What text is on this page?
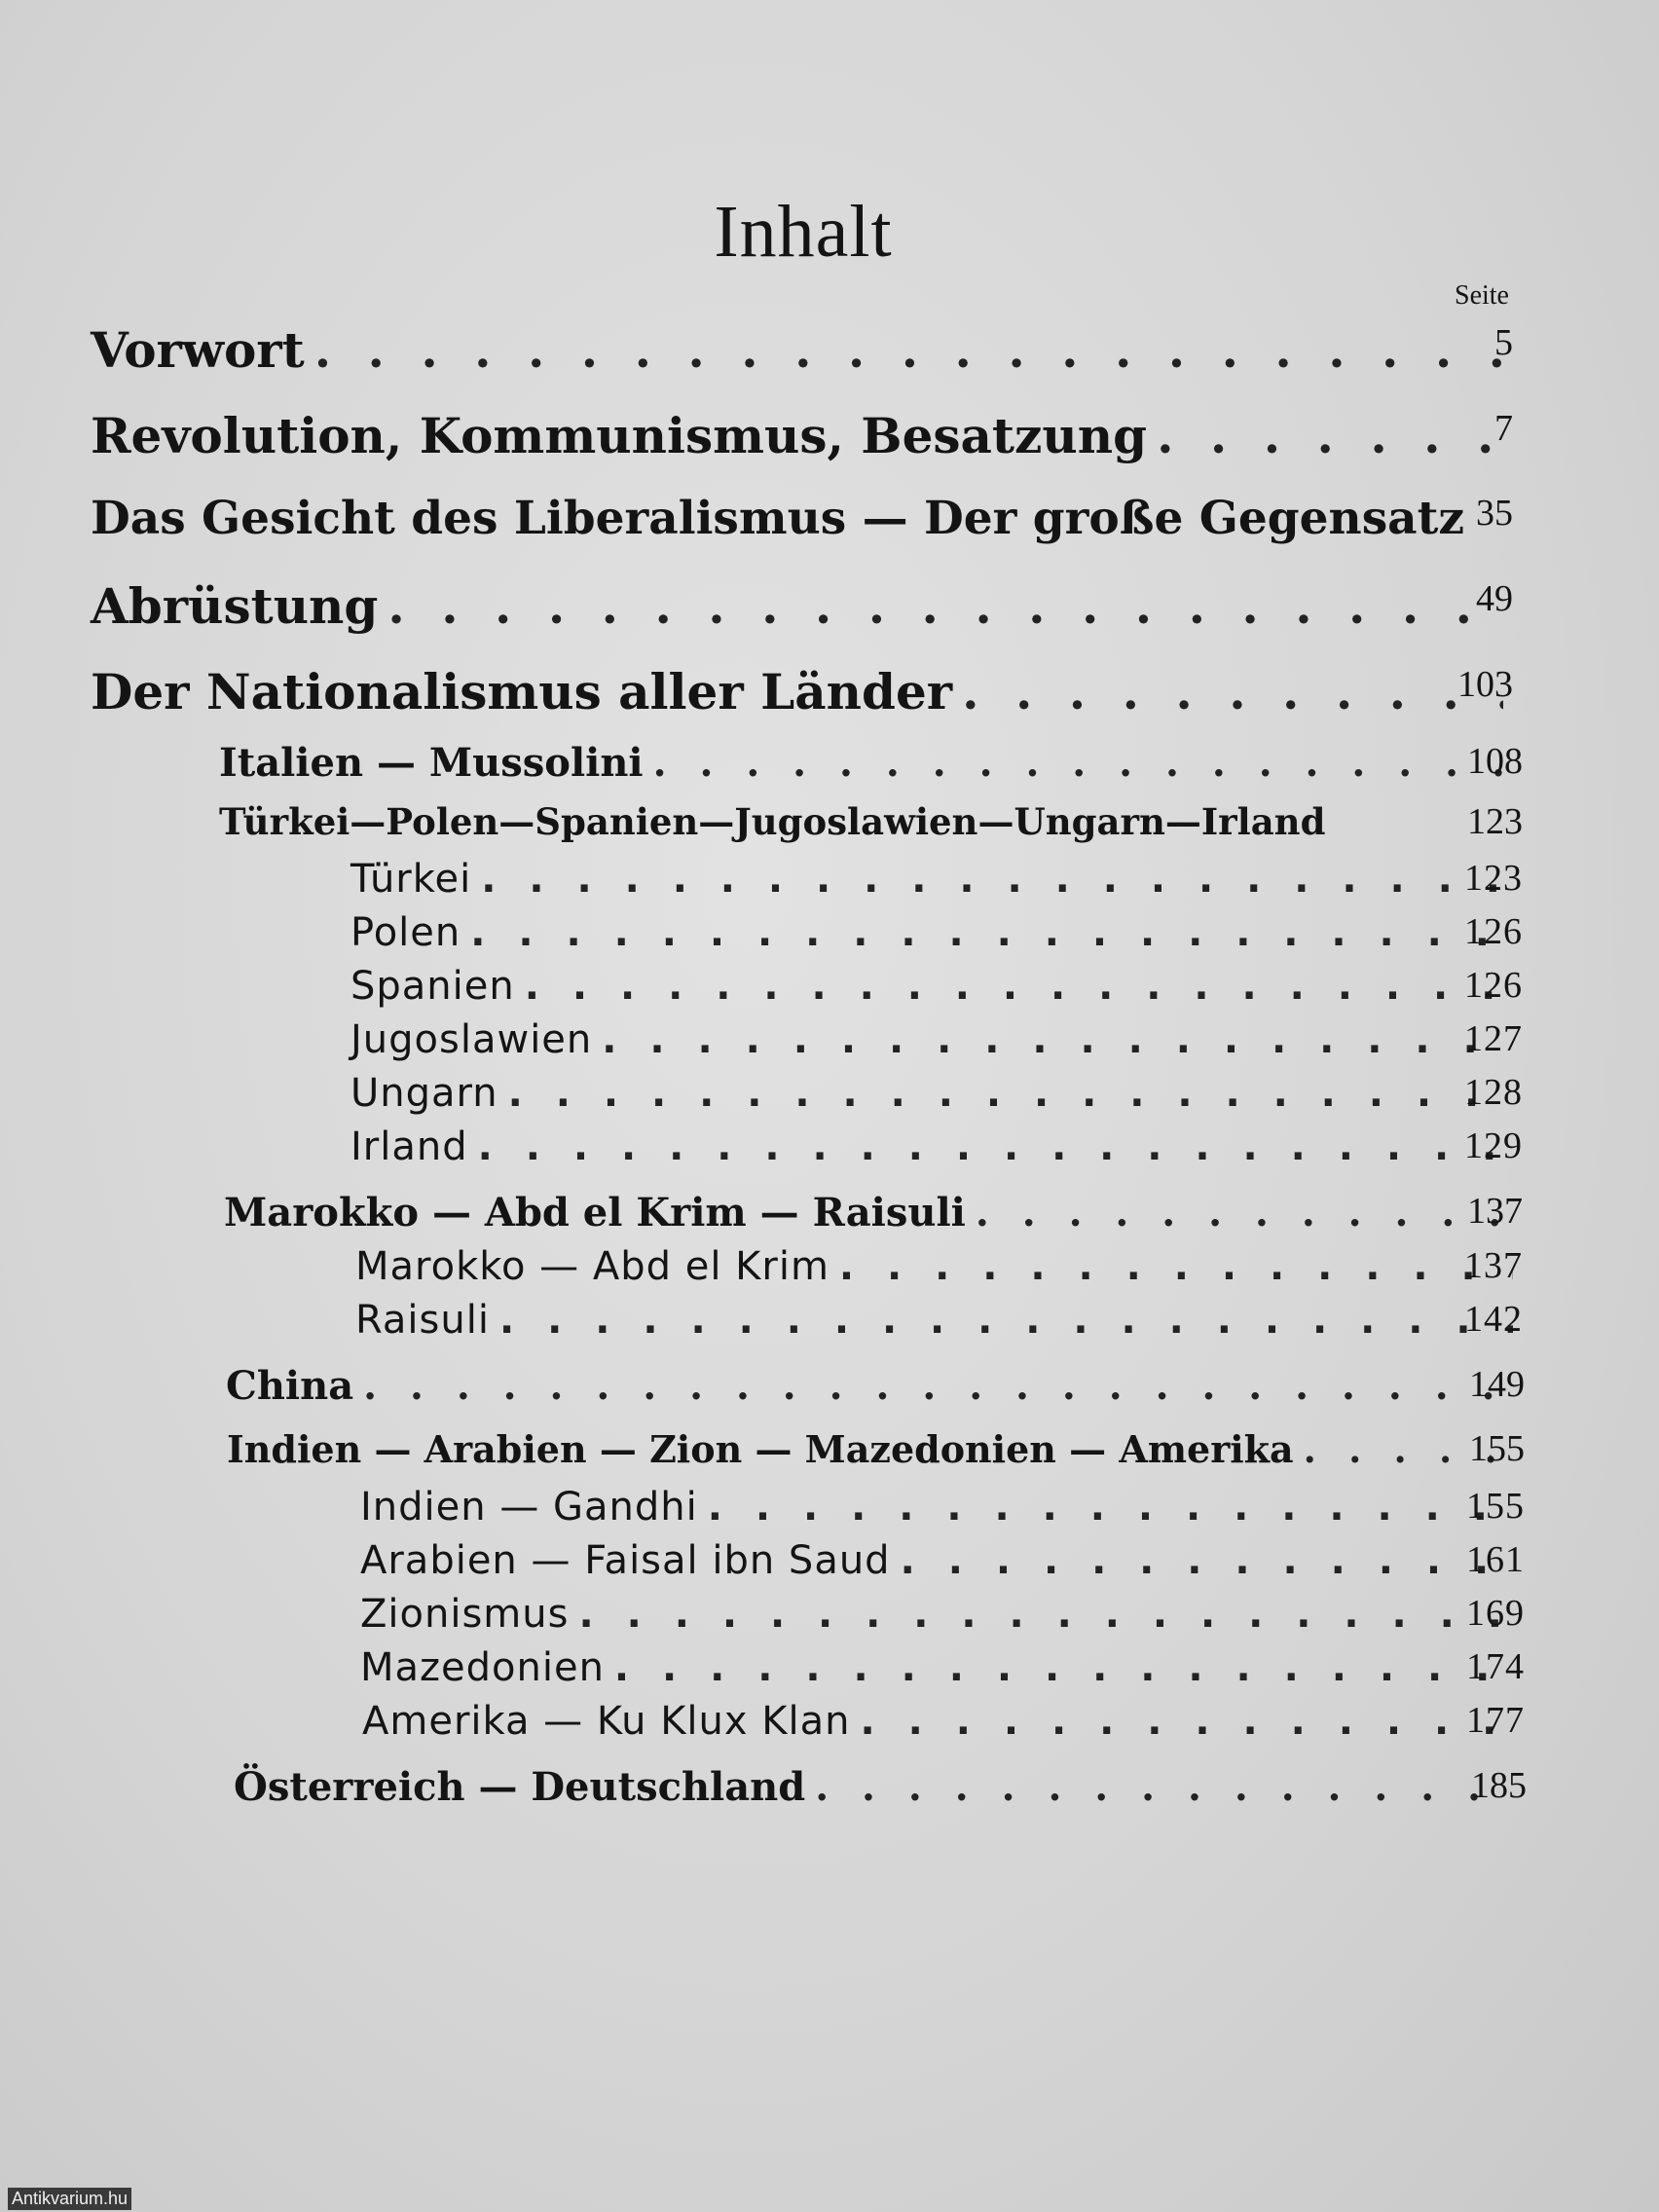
Inhalt
Seite
Vorwort . . .	5
Revolution, Kommunismus, Besatzung . . .	7
Das Gesicht des Liberalismus — Der große Gegensatz 35
Abrüstung . . .	49
Der Nationalismus aller Länder . . .	103
Italien — Mussolini . . .	108
Türkei—Polen—Spanien—Jugoslawien—Ungarn—Irland	123
Türkei . . .	123
Polen . . .	126
Spanien . . .	126
Jugoslawien . . .	127
Ungarn . . .	128
Irland . . .	129
Marokko — Abd el Krim — Raisuli . . .	137
Marokko — Abd el Krim . . .	137
Raisuli . . .	142
China . . .	149
Indien — Arabien — Zion — Mazedonien — Amerika . . .	155
Indien — Gandhi . . .	155
Arabien — Faisal ibn Saud . . .	161
Zionismus . . .	169
Mazedonien . . .	174
Amerika — Ku Klux Klan . . .	177
Österreich — Deutschland . . .	185
Antikvarium.hu
